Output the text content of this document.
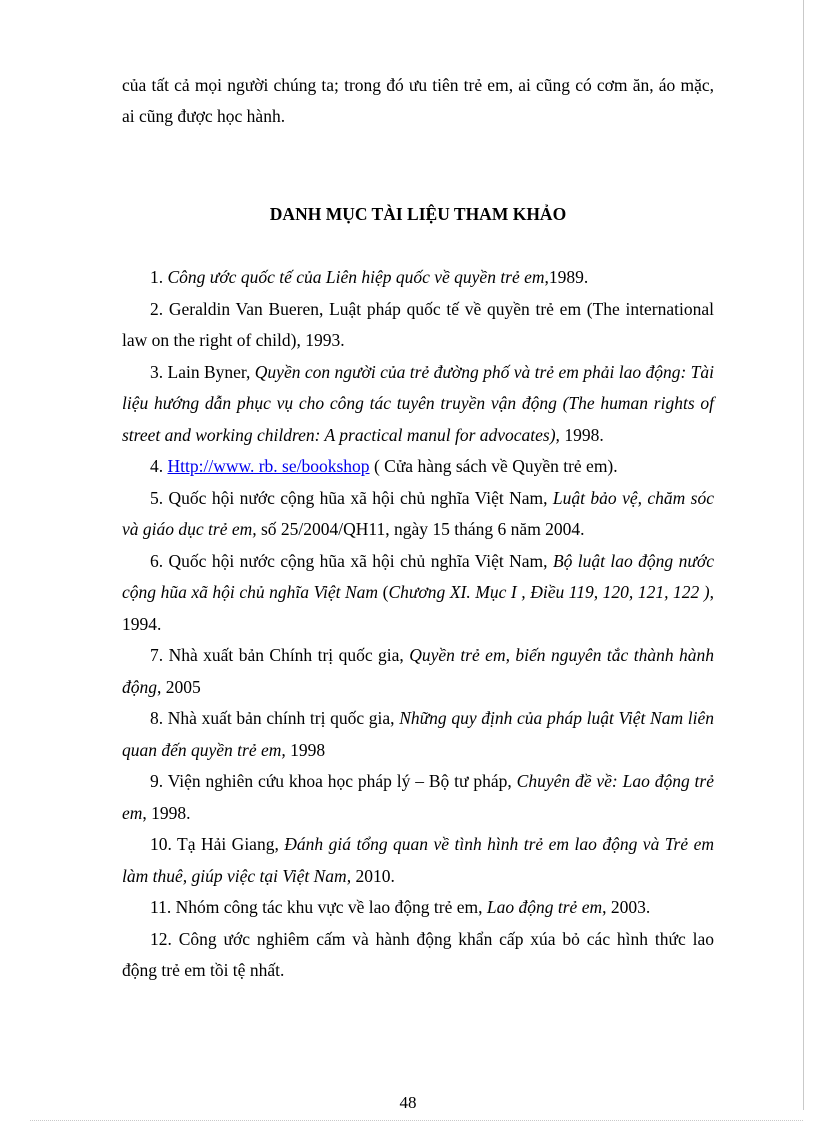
của tất cả mọi người chúng ta; trong đó ưu tiên trẻ em, ai cũng có cơm ăn, áo mặc, ai cũng được học hành.

DANH MỤC TÀI LIỆU THAM KHẢO

1. Công ước quốc tế của Liên hiệp quốc về quyền trẻ em,1989.

2. Geraldin Van Bueren, Luật pháp quốc tế về quyền trẻ em (The international law on the right of child), 1993.

3. Lain Byner, Quyền con người của trẻ đường phố và trẻ em phải lao động: Tài liệu hướng dẫn phục vụ cho công tác tuyên truyền vận động (The human rights of street and working children: A practical manul for advocates), 1998.

4. Http://www. rb. se/bookshop ( Cửa hàng sách về Quyền trẻ em).

5. Quốc hội nước cộng hũa xã hội chủ nghĩa Việt Nam, Luật bảo vệ, chăm sóc và giáo dục trẻ em, số 25/2004/QH11, ngày 15 tháng 6 năm 2004.

6. Quốc hội nước cộng hũa xã hội chủ nghĩa Việt Nam, Bộ luật lao động nước cộng hũa xã hội chủ nghĩa Việt Nam (Chương XI. Mục I , Điều 119, 120, 121, 122 ), 1994.

7. Nhà xuất bản Chính trị quốc gia, Quyền trẻ em, biến nguyên tắc thành hành động, 2005

8. Nhà xuất bản chính trị quốc gia, Những quy định của pháp luật Việt Nam liên quan đến quyền trẻ em, 1998

9. Viện nghiên cứu khoa học pháp lý – Bộ tư pháp, Chuyên đề về: Lao động trẻ em, 1998.

10. Tạ Hải Giang, Đánh giá tổng quan về tình hình trẻ em lao động và Trẻ em làm thuê, giúp việc tại Việt Nam, 2010.

11. Nhóm công tác khu vực về lao động trẻ em, Lao động trẻ em, 2003.

12. Công ước nghiêm cấm và hành động khẩn cấp xúa bỏ các hình thức lao động trẻ em tồi tệ nhất.

48
